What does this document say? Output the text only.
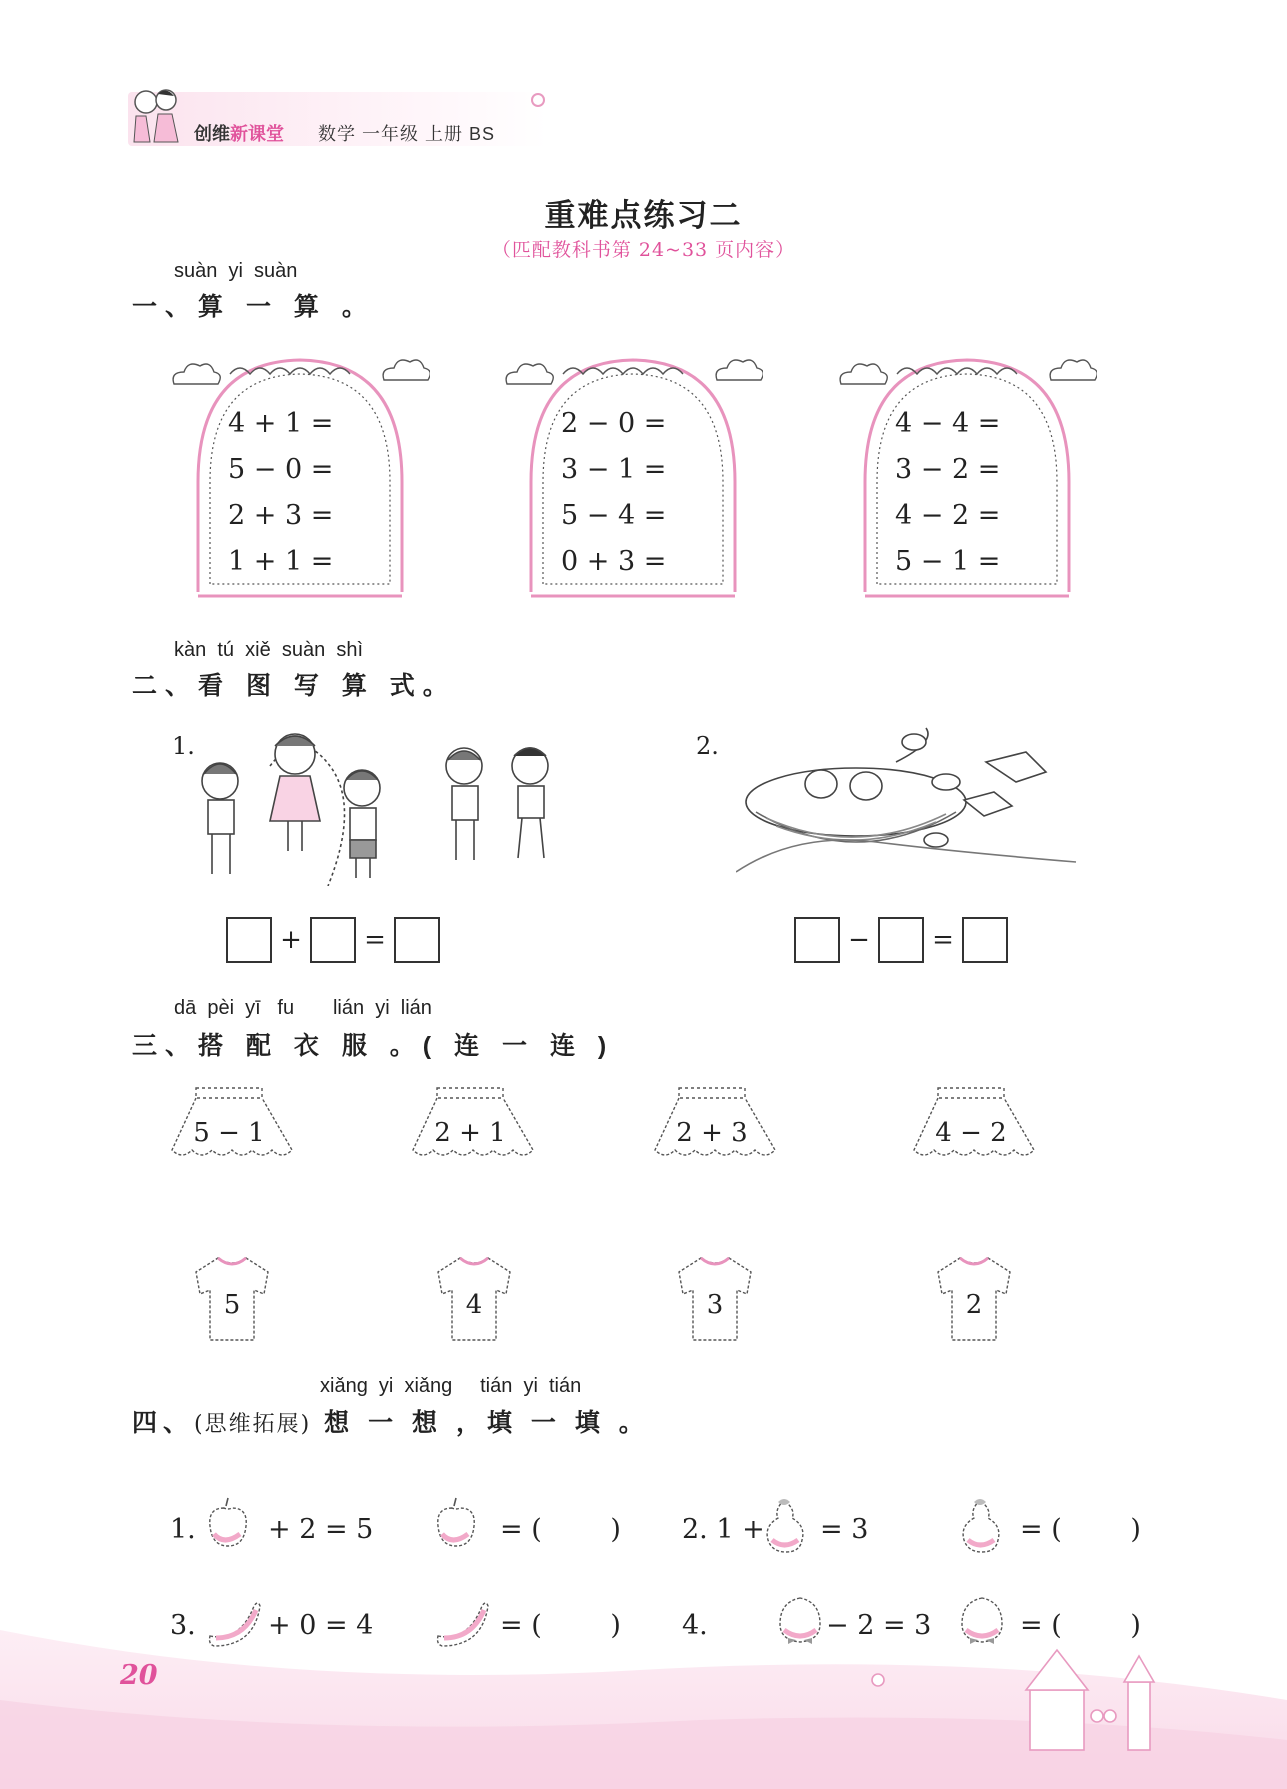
创维新课堂 数学 一年级 上册 BS
重难点练习二
（匹配教科书第 24~33 页内容）
suàn  yi  suàn
一、算 一 算 。
4 + 1 =
5 − 0 =
2 + 3 =
1 + 1 =
2 − 0 =
3 − 1 =
5 − 4 =
0 + 3 =
4 − 4 =
3 − 2 =
4 − 2 =
5 − 1 =
kàn  tú  xiě  suàn  shì
二、看 图 写 算 式。
1.	2.
+ =	− =
dā  pèi  yī   fu       lián  yi  lián
三、搭 配 衣 服 。( 连 一 连 )
5 − 1	2 + 1	2 + 3	4 − 2
5	4	3	2
xiǎng  yi  xiǎng     tián  yi  tián
四、(思维拓展) 想 一 想 ，填 一 填 。
1.	+ 2 = 5	= (        ) 2. 1 + = 3	= (        )
3.	+ 0 = 4	= (        ) 4.	− 2 = 3	= (        )
20
